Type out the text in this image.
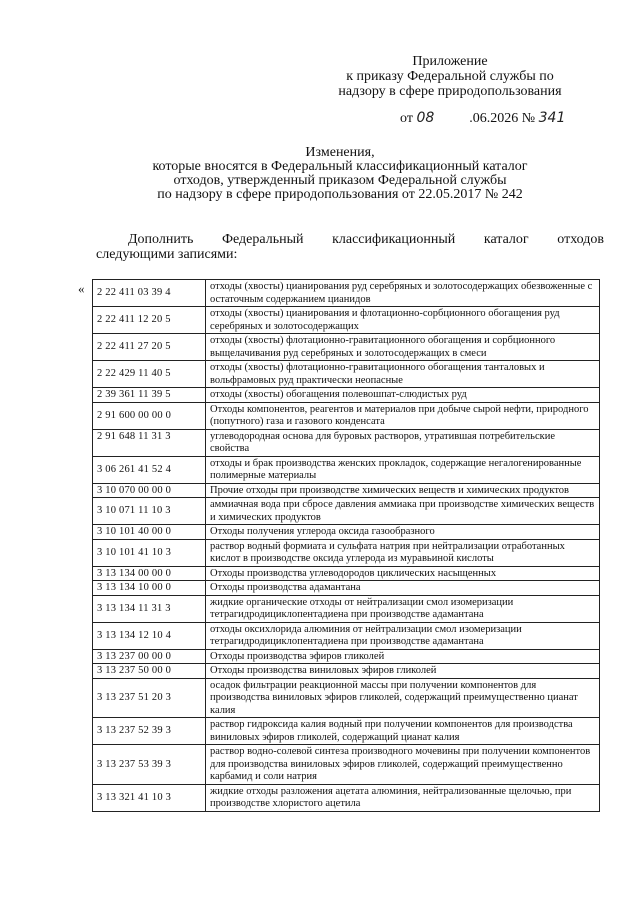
Приложение
к приказу Федеральной службы по
надзору в сфере природопользования
от 08	.06.2026 № 341
Изменения,
которые вносятся в Федеральный классификационный каталог
отходов, утвержденный приказом Федеральной службы
по надзору в сфере природопользования от 22.05.2017 № 242
Дополнить Федеральный классификационный каталог отходов
следующими записями:
« 2 22 411 03 39 4	отходы (хвосты) цианирования руд серебряных и золотосодержащих обезвоженные с остаточным содержанием цианидов
2 22 411 12 20 5	отходы (хвосты) цианирования и флотационно-сорбционного обогащения руд серебряных и золотосодержащих
2 22 411 27 20 5	отходы (хвосты) флотационно-гравитационного обогащения и сорбционного выщелачивания руд серебряных и золотосодержащих в смеси
2 22 429 11 40 5	отходы (хвосты) флотационно-гравитационного обогащения танталовых и вольфрамовых руд практически неопасные
2 39 361 11 39 5	отходы (хвосты) обогащения полевошпат-слюдистых руд
2 91 600 00 00 0	Отходы компонентов, реагентов и материалов при добыче сырой нефти, природного (попутного) газа и газового конденсата
2 91 648 11 31 3	углеводородная основа для буровых растворов, утратившая потребительские свойства
3 06 261 41 52 4	отходы и брак производства женских прокладок, содержащие негалогенированные полимерные материалы
3 10 070 00 00 0	Прочие отходы при производстве химических веществ и химических продуктов
3 10 071 11 10 3	аммиачная вода при сбросе давления аммиака при производстве химических веществ и химических продуктов
3 10 101 40 00 0	Отходы получения углерода оксида газообразного
3 10 101 41 10 3	раствор водный формиата и сульфата натрия при нейтрализации отработанных кислот в производстве оксида углерода из муравьиной кислоты
3 13 134 00 00 0	Отходы производства углеводородов циклических насыщенных
3 13 134 10 00 0	Отходы производства адамантана
3 13 134 11 31 3	жидкие органические отходы от нейтрализации смол изомеризации тетрагидродициклопентадиена при производстве адамантана
3 13 134 12 10 4	отходы оксихлорида алюминия от нейтрализации смол изомеризации тетрагидродициклопентадиена при производстве адамантана
3 13 237 00 00 0	Отходы производства эфиров гликолей
3 13 237 50 00 0	Отходы производства виниловых эфиров гликолей
3 13 237 51 20 3	осадок фильтрации реакционной массы при получении компонентов для производства виниловых эфиров гликолей, содержащий преимущественно цианат калия
3 13 237 52 39 3	раствор гидроксида калия водный при получении компонентов для производства виниловых эфиров гликолей, содержащий цианат калия
3 13 237 53 39 3	раствор водно-солевой синтеза производного мочевины при получении компонентов для производства виниловых эфиров гликолей, содержащий преимущественно карбамид и соли натрия
3 13 321 41 10 3	жидкие отходы разложения ацетата алюминия, нейтрализованные щелочью, при производстве хлористого ацетила
